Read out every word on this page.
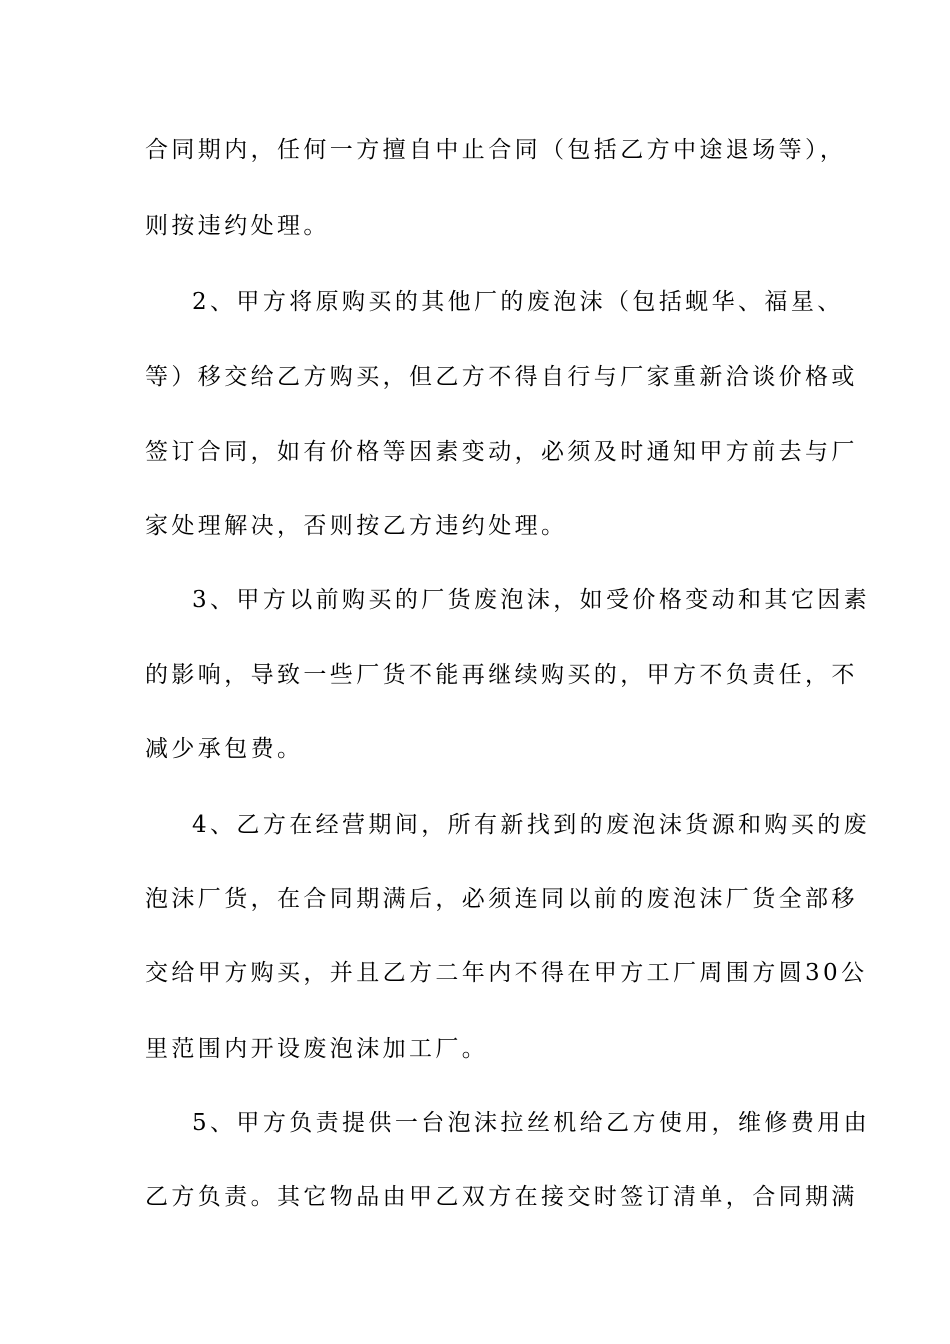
合同期内，任何一方擅自中止合同（包括乙方中途退场等），
则按违约处理。
2、甲方将原购买的其他厂的废泡沫（包括蚬华、福星、
等）移交给乙方购买，但乙方不得自行与厂家重新洽谈价格或
签订合同，如有价格等因素变动，必须及时通知甲方前去与厂
家处理解决，否则按乙方违约处理。
3、甲方以前购买的厂货废泡沫，如受价格变动和其它因素
的影响，导致一些厂货不能再继续购买的，甲方不负责任，不
减少承包费。
4、乙方在经营期间，所有新找到的废泡沫货源和购买的废
泡沫厂货，在合同期满后，必须连同以前的废泡沫厂货全部移
交给甲方购买，并且乙方二年内不得在甲方工厂周围方圆30公
里范围内开设废泡沫加工厂。
5、甲方负责提供一台泡沫拉丝机给乙方使用，维修费用由
乙方负责。其它物品由甲乙双方在接交时签订清单，合同期满
